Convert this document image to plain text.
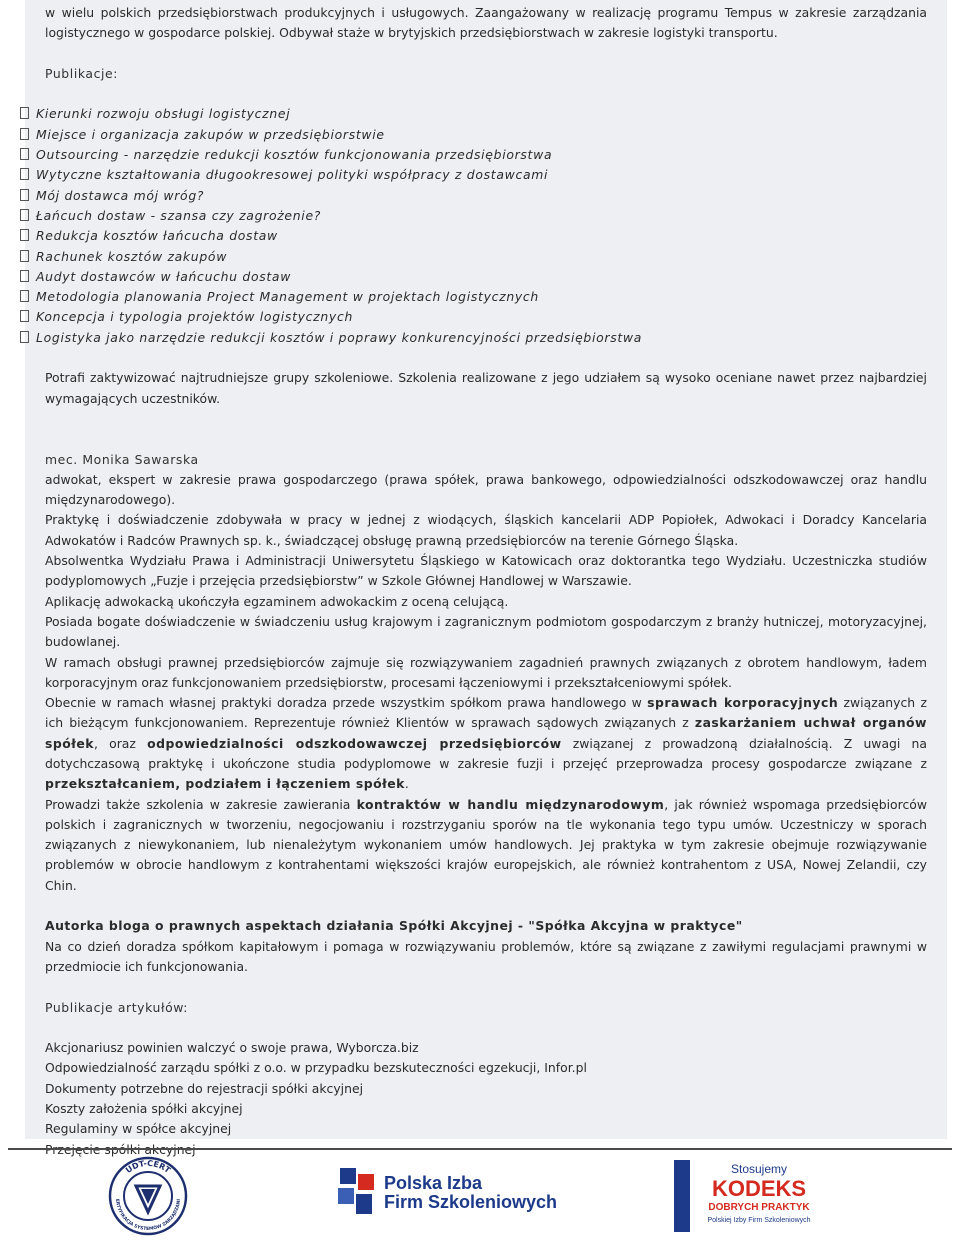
w wielu polskich przedsiębiorstwach produkcyjnych i usługowych. Zaangażowany w realizację programu Tempus w zakresie zarządzania logistycznego w gospodarce polskiej. Odbywał staże w brytyjskich przedsiębiorstwach w zakresie logistyki transportu.

Publikacje:

Kierunki rozwoju obsługi logistycznej
Miejsce i organizacja zakupów w przedsiębiorstwie
Outsourcing - narzędzie redukcji kosztów funkcjonowania przedsiębiorstwa
Wytyczne kształtowania długookresowej polityki współpracy z dostawcami
Mój dostawca mój wróg?
Łańcuch dostaw - szansa czy zagrożenie?
Redukcja kosztów łańcucha dostaw
Rachunek kosztów zakupów
Audyt dostawców w łańcuchu dostaw
Metodologia planowania Project Management w projektach logistycznych
Koncepcja i typologia projektów logistycznych
Logistyka jako narzędzie redukcji kosztów i poprawy konkurencyjności przedsiębiorstwa

Potrafi zaktywizować najtrudniejsze grupy szkoleniowe. Szkolenia realizowane z jego udziałem są wysoko oceniane nawet przez najbardziej wymagających uczestników.

mec. Monika Sawarska

adwokat, ekspert w zakresie prawa gospodarczego (prawa spółek, prawa bankowego, odpowiedzialności odszkodowawczej oraz handlu międzynarodowego).

Praktykę i doświadczenie zdobywała w pracy w jednej z wiodących, śląskich kancelarii ADP Popiołek, Adwokaci i Doradcy Kancelaria Adwokatów i Radców Prawnych sp. k., świadczącej obsługę prawną przedsiębiorców na terenie Górnego Śląska.

Absolwentka Wydziału Prawa i Administracji Uniwersytetu Śląskiego w Katowicach oraz doktorantka tego Wydziału. Uczestniczka studiów podyplomowych „Fuzje i przejęcia przedsiębiorstw” w Szkole Głównej Handlowej w Warszawie.

Aplikację adwokacką ukończyła egzaminem adwokackim z oceną celującą.

Posiada bogate doświadczenie w świadczeniu usług krajowym i zagranicznym podmiotom gospodarczym z branży hutniczej, motoryzacyjnej, budowlanej.

W ramach obsługi prawnej przedsiębiorców zajmuje się rozwiązywaniem zagadnień prawnych związanych z obrotem handlowym, ładem korporacyjnym oraz funkcjonowaniem przedsiębiorstw, procesami łączeniowymi i przekształceniowymi spółek.

Obecnie w ramach własnej praktyki doradza przede wszystkim spółkom prawa handlowego w sprawach korporacyjnych związanych z ich bieżącym funkcjonowaniem. Reprezentuje również Klientów w sprawach sądowych związanych z zaskarżaniem uchwał organów spółek, oraz odpowiedzialności odszkodowawczej przedsiębiorców związanej z prowadzoną działalnością. Z uwagi na dotychczasową praktykę i ukończone studia podyplomowe w zakresie fuzji i przejęć przeprowadza procesy gospodarcze związane z przekształcaniem, podziałem i łączeniem spółek.

Prowadzi także szkolenia w zakresie zawierania kontraktów w handlu międzynarodowym, jak również wspomaga przedsiębiorców polskich i zagranicznych w tworzeniu, negocjowaniu i rozstrzyganiu sporów na tle wykonania tego typu umów. Uczestniczy w sporach związanych z niewykonaniem, lub nienależytym wykonaniem umów handlowych. Jej praktyka w tym zakresie obejmuje rozwiązywanie problemów w obrocie handlowym z kontrahentami większości krajów europejskich, ale również kontrahentom z USA, Nowej Zelandii, czy Chin.

Autorka bloga o prawnych aspektach działania Spółki Akcyjnej - "Spółka Akcyjna w praktyce"

Na co dzień doradza spółkom kapitałowym i pomaga w rozwiązywaniu problemów, które są związane z zawiłymi regulacjami prawnymi w przedmiocie ich funkcjonowania.

Publikacje artykułów:

Akcjonariusz powinien walczyć o swoje prawa, Wyborcza.biz

Odpowiedzialność zarządu spółki z o.o. w przypadku bezskuteczności egzekucji, Infor.pl

Dokumenty potrzebne do rejestracji spółki akcyjnej

Koszty założenia spółki akcyjnej

Regulaminy w spółce akcyjnej

UDT-CERT
ERTYFIKACJA SYSTEMÓW ZARZĄDZANI
Polska Izba
Firm Szkoleniowych
Stosujemy
KODEKS
DOBRYCH PRAKTYK
Polskiej Izby Firm Szkoleniowych
